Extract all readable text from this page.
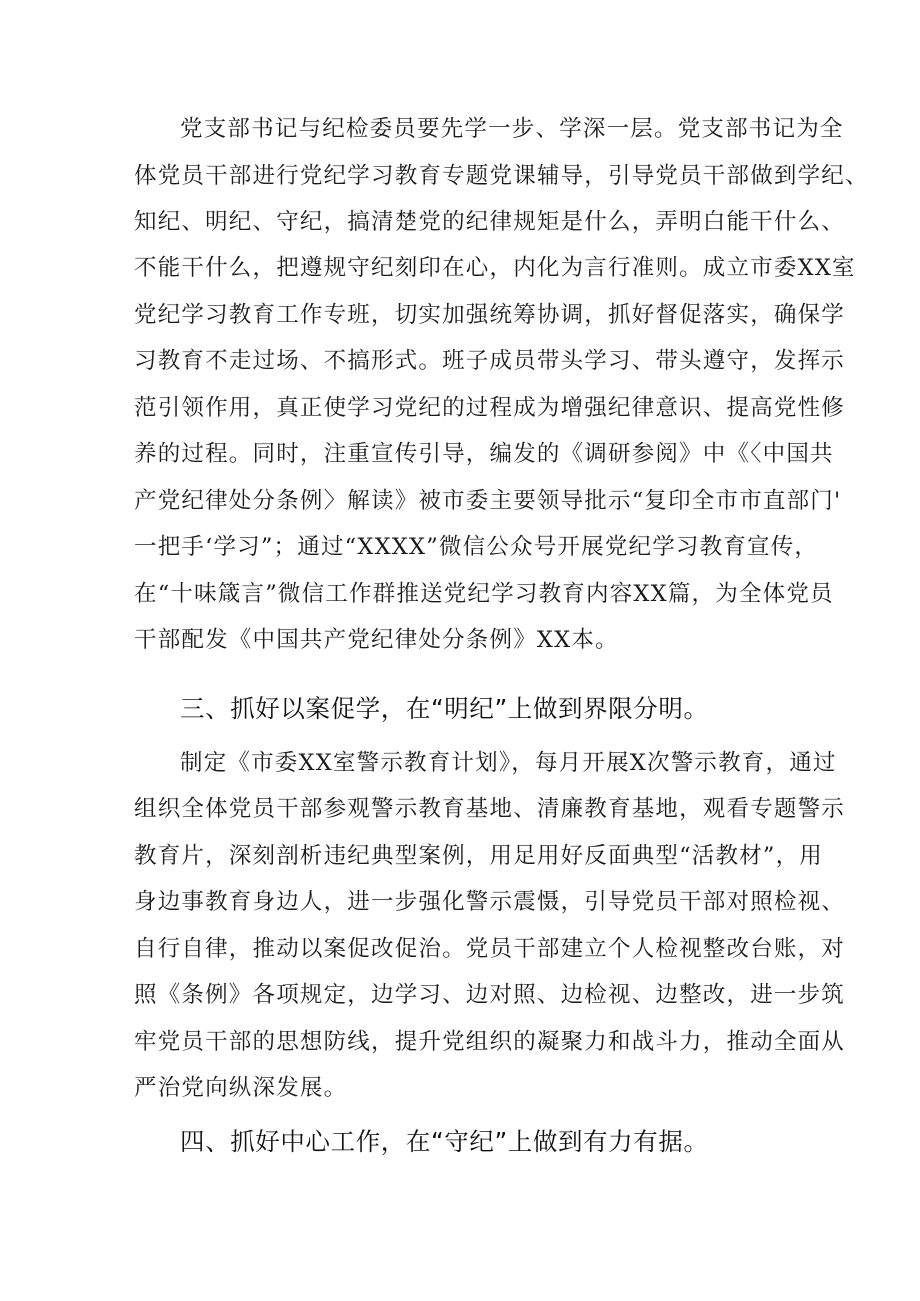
党支部书记与纪检委员要先学一步、学深一层。党支部书记为全
体党员干部进行党纪学习教育专题党课辅导，引导党员干部做到学纪、
知纪、明纪、守纪，搞清楚党的纪律规矩是什么，弄明白能干什么、
不能干什么，把遵规守纪刻印在心，内化为言行准则。成立市委XX室
党纪学习教育工作专班，切实加强统筹协调，抓好督促落实，确保学
习教育不走过场、不搞形式。班子成员带头学习、带头遵守，发挥示
范引领作用，真正使学习党纪的过程成为增强纪律意识、提高党性修
养的过程。同时，注重宣传引导，编发的《调研参阅》中《〈中国共
产党纪律处分条例〉解读》被市委主要领导批示“复印全市市直部门'
一把手‘学习”；通过“XXXX”微信公众号开展党纪学习教育宣传，
在“十味箴言”微信工作群推送党纪学习教育内容XX篇，为全体党员
干部配发《中国共产党纪律处分条例》XX本。
三、抓好以案促学，在“明纪”上做到界限分明。
制定《市委XX室警示教育计划》，每月开展X次警示教育，通过
组织全体党员干部参观警示教育基地、清廉教育基地，观看专题警示
教育片，深刻剖析违纪典型案例，用足用好反面典型“活教材”，用
身边事教育身边人，进一步强化警示震慑，引导党员干部对照检视、
自行自律，推动以案促改促治。党员干部建立个人检视整改台账，对
照《条例》各项规定，边学习、边对照、边检视、边整改，进一步筑
牢党员干部的思想防线，提升党组织的凝聚力和战斗力，推动全面从
严治党向纵深发展。
四、抓好中心工作，在“守纪”上做到有力有据。
